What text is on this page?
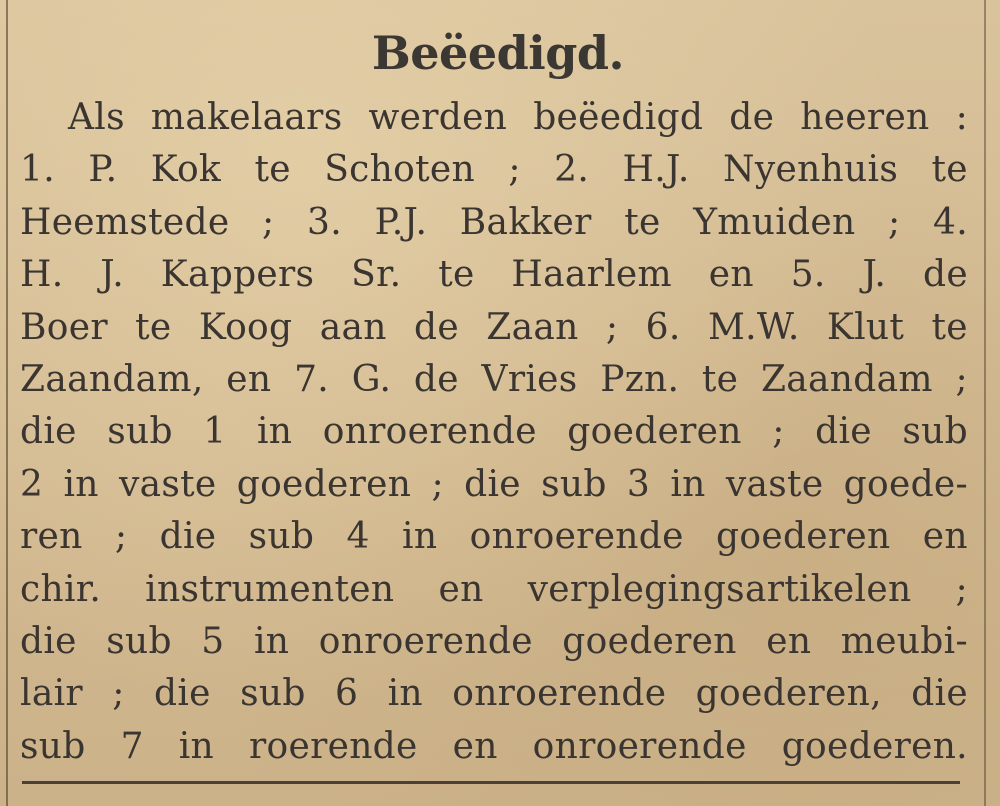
Beëedigd.
Als makelaars werden beëedigd de heeren :
1. P. Kok te Schoten ; 2. H.J. Nyenhuis te
Heemstede ; 3. P.J. Bakker te Ymuiden ; 4.
H. J. Kappers Sr. te Haarlem en 5. J. de
Boer te Koog aan de Zaan ; 6. M.W. Klut te
Zaandam, en 7. G. de Vries Pzn. te Zaandam ;
die sub 1 in onroerende goederen ; die sub
2 in vaste goederen ; die sub 3 in vaste goede-
ren ; die sub 4 in onroerende goederen en
chir. instrumenten en verplegingsartikelen ;
die sub 5 in onroerende goederen en meubi-
lair ; die sub 6 in onroerende goederen, die
sub 7 in roerende en onroerende goederen.
